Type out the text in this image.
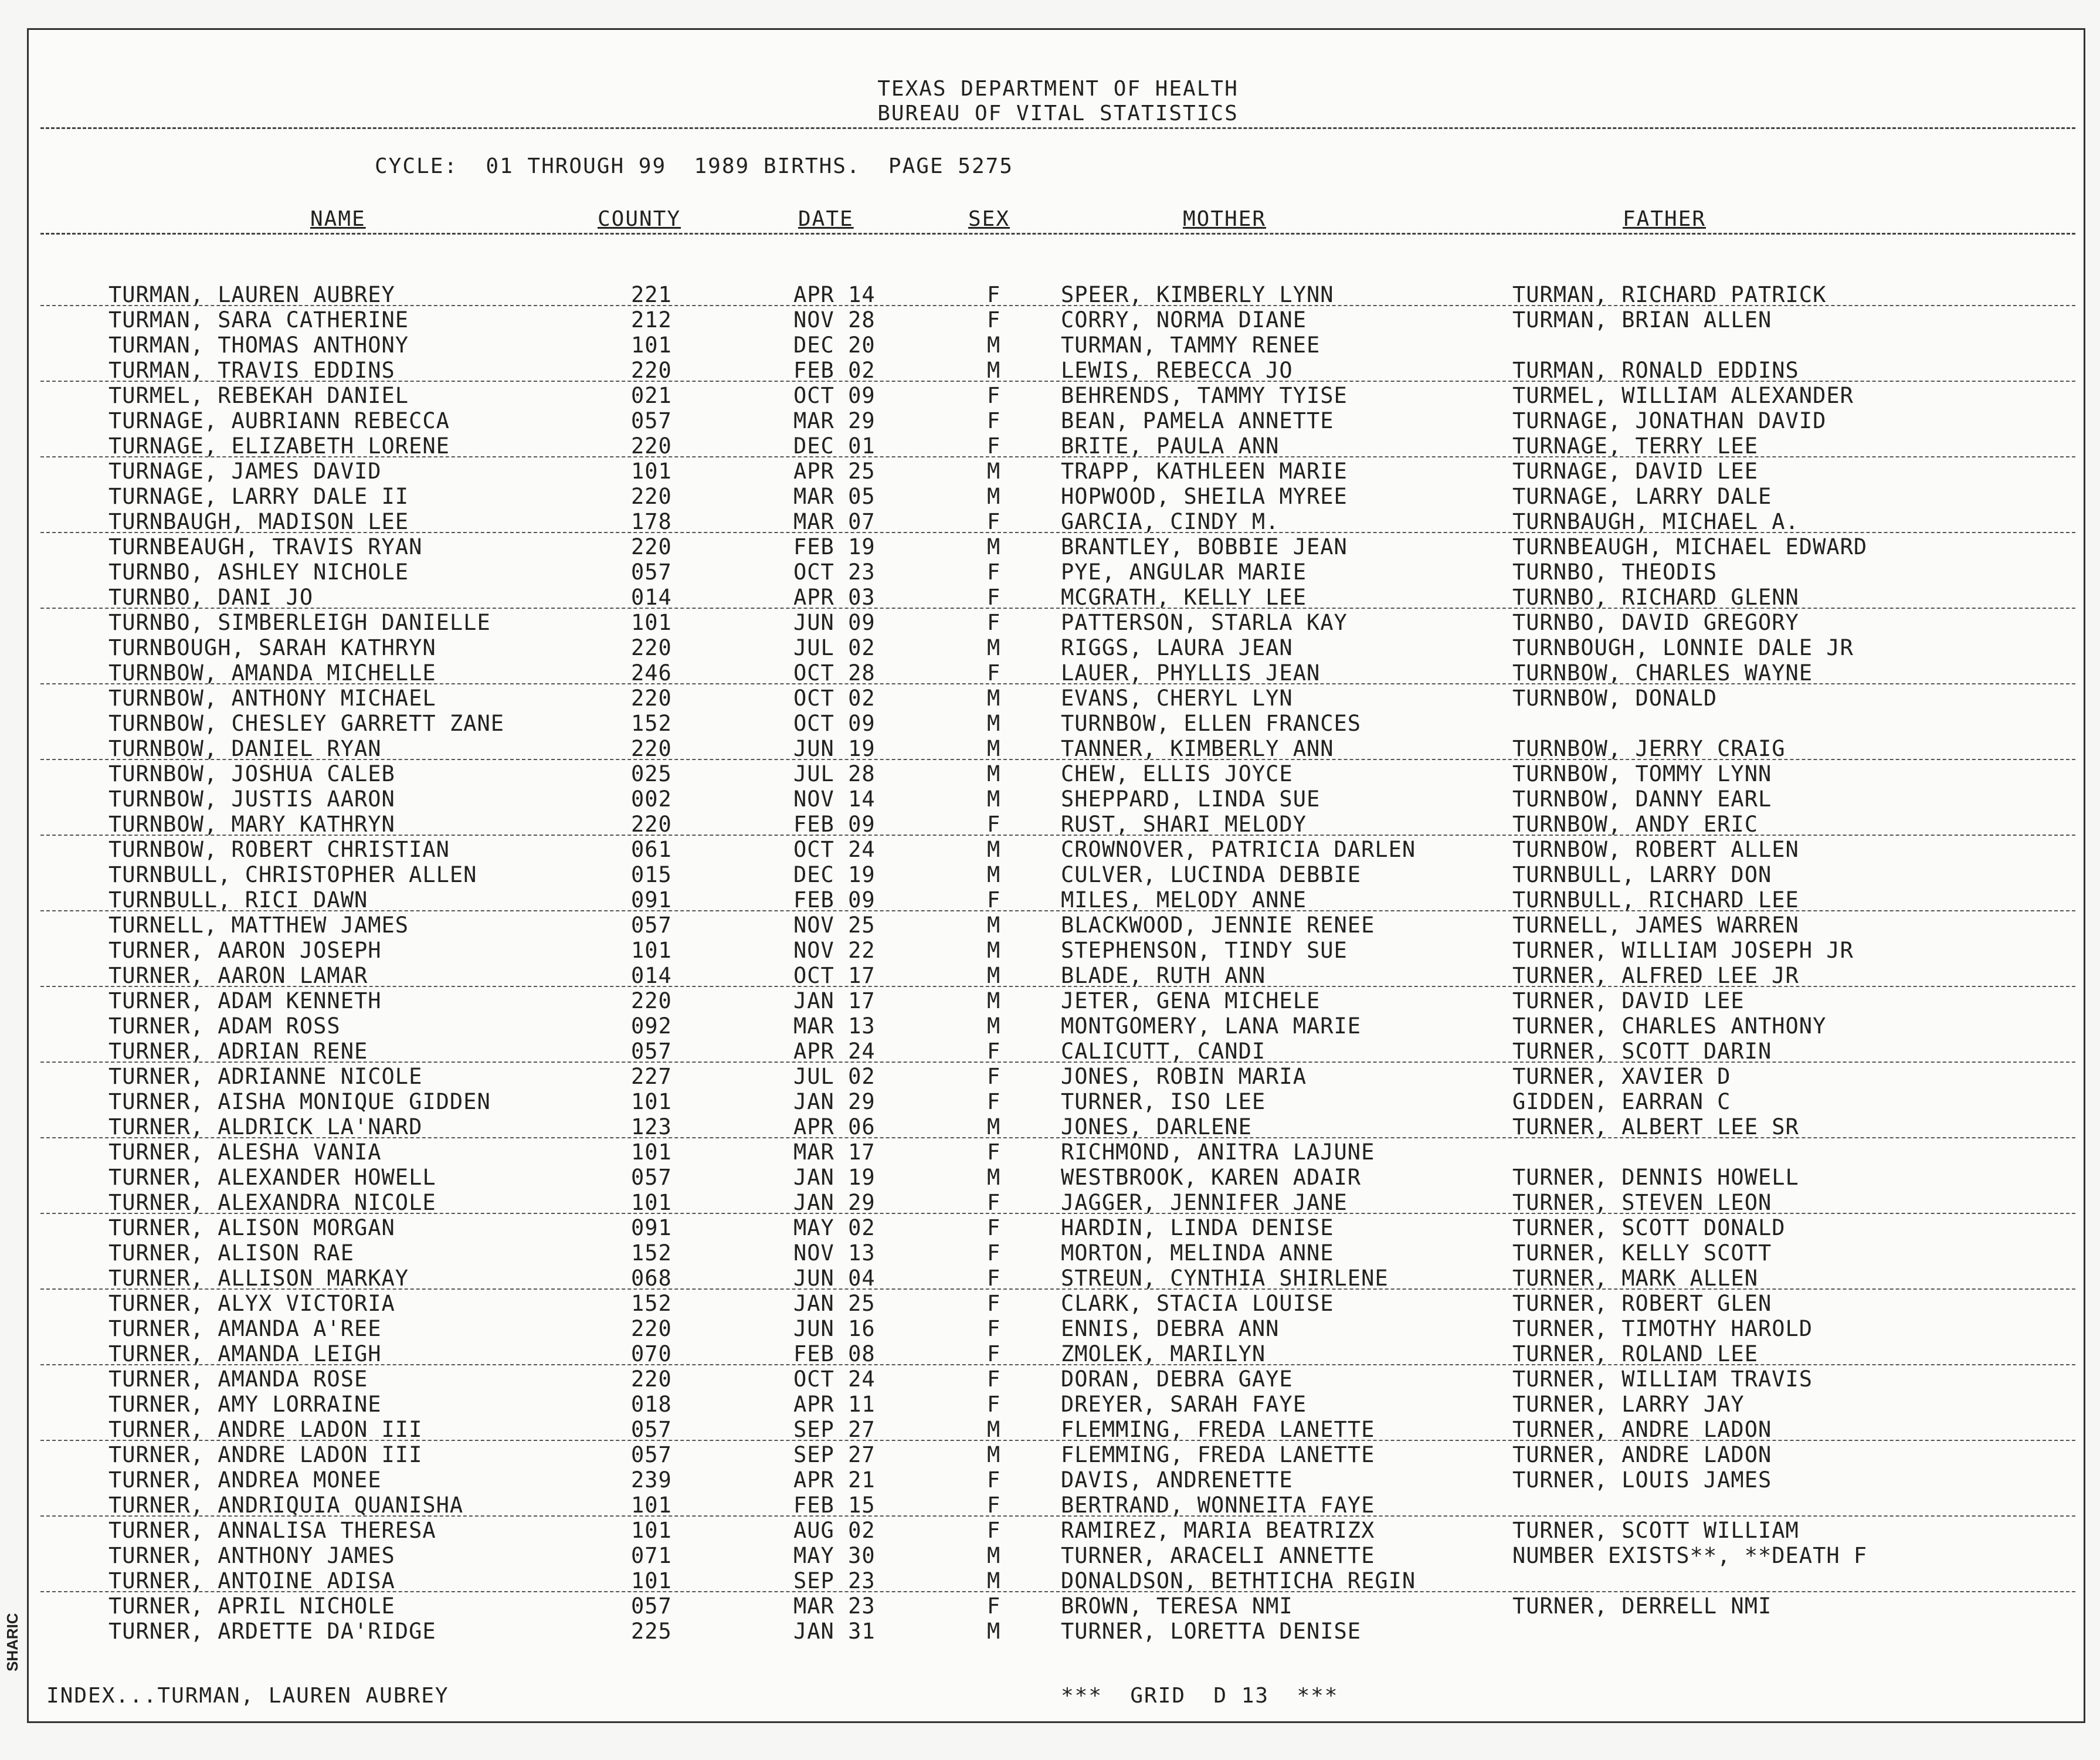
TEXAS DEPARTMENT OF HEALTH
BUREAU OF VITAL STATISTICS
CYCLE:  01 THROUGH 99  1989 BIRTHS.  PAGE 5275
NAME	COUNTY	DATE	SEX	MOTHER	FATHER
TURMAN, LAUREN AUBREY	221	APR 14	F	SPEER, KIMBERLY LYNN	TURMAN, RICHARD PATRICK
TURMAN, SARA CATHERINE	212	NOV 28	F	CORRY, NORMA DIANE	TURMAN, BRIAN ALLEN
TURMAN, THOMAS ANTHONY	101	DEC 20	M	TURMAN, TAMMY RENEE
TURMAN, TRAVIS EDDINS	220	FEB 02	M	LEWIS, REBECCA JO	TURMAN, RONALD EDDINS
TURMEL, REBEKAH DANIEL	021	OCT 09	F	BEHRENDS, TAMMY TYISE	TURMEL, WILLIAM ALEXANDER
TURNAGE, AUBRIANN REBECCA	057	MAR 29	F	BEAN, PAMELA ANNETTE	TURNAGE, JONATHAN DAVID
TURNAGE, ELIZABETH LORENE	220	DEC 01	F	BRITE, PAULA ANN	TURNAGE, TERRY LEE
TURNAGE, JAMES DAVID	101	APR 25	M	TRAPP, KATHLEEN MARIE	TURNAGE, DAVID LEE
TURNAGE, LARRY DALE II	220	MAR 05	M	HOPWOOD, SHEILA MYREE	TURNAGE, LARRY DALE
TURNBAUGH, MADISON LEE	178	MAR 07	F	GARCIA, CINDY M.	TURNBAUGH, MICHAEL A.
TURNBEAUGH, TRAVIS RYAN	220	FEB 19	M	BRANTLEY, BOBBIE JEAN	TURNBEAUGH, MICHAEL EDWARD
TURNBO, ASHLEY NICHOLE	057	OCT 23	F	PYE, ANGULAR MARIE	TURNBO, THEODIS
TURNBO, DANI JO	014	APR 03	F	MCGRATH, KELLY LEE	TURNBO, RICHARD GLENN
TURNBO, SIMBERLEIGH DANIELLE	101	JUN 09	F	PATTERSON, STARLA KAY	TURNBO, DAVID GREGORY
TURNBOUGH, SARAH KATHRYN	220	JUL 02	M	RIGGS, LAURA JEAN	TURNBOUGH, LONNIE DALE JR
TURNBOW, AMANDA MICHELLE	246	OCT 28	F	LAUER, PHYLLIS JEAN	TURNBOW, CHARLES WAYNE
TURNBOW, ANTHONY MICHAEL	220	OCT 02	M	EVANS, CHERYL LYN	TURNBOW, DONALD
TURNBOW, CHESLEY GARRETT ZANE	152	OCT 09	M	TURNBOW, ELLEN FRANCES
TURNBOW, DANIEL RYAN	220	JUN 19	M	TANNER, KIMBERLY ANN	TURNBOW, JERRY CRAIG
TURNBOW, JOSHUA CALEB	025	JUL 28	M	CHEW, ELLIS JOYCE	TURNBOW, TOMMY LYNN
TURNBOW, JUSTIS AARON	002	NOV 14	M	SHEPPARD, LINDA SUE	TURNBOW, DANNY EARL
TURNBOW, MARY KATHRYN	220	FEB 09	F	RUST, SHARI MELODY	TURNBOW, ANDY ERIC
TURNBOW, ROBERT CHRISTIAN	061	OCT 24	M	CROWNOVER, PATRICIA DARLEN	TURNBOW, ROBERT ALLEN
TURNBULL, CHRISTOPHER ALLEN	015	DEC 19	M	CULVER, LUCINDA DEBBIE	TURNBULL, LARRY DON
TURNBULL, RICI DAWN	091	FEB 09	F	MILES, MELODY ANNE	TURNBULL, RICHARD LEE
TURNELL, MATTHEW JAMES	057	NOV 25	M	BLACKWOOD, JENNIE RENEE	TURNELL, JAMES WARREN
TURNER, AARON JOSEPH	101	NOV 22	M	STEPHENSON, TINDY SUE	TURNER, WILLIAM JOSEPH JR
TURNER, AARON LAMAR	014	OCT 17	M	BLADE, RUTH ANN	TURNER, ALFRED LEE JR
TURNER, ADAM KENNETH	220	JAN 17	M	JETER, GENA MICHELE	TURNER, DAVID LEE
TURNER, ADAM ROSS	092	MAR 13	M	MONTGOMERY, LANA MARIE	TURNER, CHARLES ANTHONY
TURNER, ADRIAN RENE	057	APR 24	F	CALICUTT, CANDI	TURNER, SCOTT DARIN
TURNER, ADRIANNE NICOLE	227	JUL 02	F	JONES, ROBIN MARIA	TURNER, XAVIER D
TURNER, AISHA MONIQUE GIDDEN	101	JAN 29	F	TURNER, ISO LEE	GIDDEN, EARRAN C
TURNER, ALDRICK LA'NARD	123	APR 06	M	JONES, DARLENE	TURNER, ALBERT LEE SR
TURNER, ALESHA VANIA	101	MAR 17	F	RICHMOND, ANITRA LAJUNE
TURNER, ALEXANDER HOWELL	057	JAN 19	M	WESTBROOK, KAREN ADAIR	TURNER, DENNIS HOWELL
TURNER, ALEXANDRA NICOLE	101	JAN 29	F	JAGGER, JENNIFER JANE	TURNER, STEVEN LEON
TURNER, ALISON MORGAN	091	MAY 02	F	HARDIN, LINDA DENISE	TURNER, SCOTT DONALD
TURNER, ALISON RAE	152	NOV 13	F	MORTON, MELINDA ANNE	TURNER, KELLY SCOTT
TURNER, ALLISON MARKAY	068	JUN 04	F	STREUN, CYNTHIA SHIRLENE	TURNER, MARK ALLEN
TURNER, ALYX VICTORIA	152	JAN 25	F	CLARK, STACIA LOUISE	TURNER, ROBERT GLEN
TURNER, AMANDA A'REE	220	JUN 16	F	ENNIS, DEBRA ANN	TURNER, TIMOTHY HAROLD
TURNER, AMANDA LEIGH	070	FEB 08	F	ZMOLEK, MARILYN	TURNER, ROLAND LEE
TURNER, AMANDA ROSE	220	OCT 24	F	DORAN, DEBRA GAYE	TURNER, WILLIAM TRAVIS
TURNER, AMY LORRAINE	018	APR 11	F	DREYER, SARAH FAYE	TURNER, LARRY JAY
TURNER, ANDRE LADON III	057	SEP 27	M	FLEMMING, FREDA LANETTE	TURNER, ANDRE LADON
TURNER, ANDRE LADON III	057	SEP 27	M	FLEMMING, FREDA LANETTE	TURNER, ANDRE LADON
TURNER, ANDREA MONEE	239	APR 21	F	DAVIS, ANDRENETTE	TURNER, LOUIS JAMES
TURNER, ANDRIQUIA QUANISHA	101	FEB 15	F	BERTRAND, WONNEITA FAYE
TURNER, ANNALISA THERESA	101	AUG 02	F	RAMIREZ, MARIA BEATRIZX	TURNER, SCOTT WILLIAM
TURNER, ANTHONY JAMES	071	MAY 30	M	TURNER, ARACELI ANNETTE	NUMBER EXISTS**, **DEATH F
TURNER, ANTOINE ADISA	101	SEP 23	M	DONALDSON, BETHTICHA REGIN
TURNER, APRIL NICHOLE	057	MAR 23	F	BROWN, TERESA NMI	TURNER, DERRELL NMI
TURNER, ARDETTE DA'RIDGE	225	JAN 31	M	TURNER, LORETTA DENISE
INDEX...TURMAN, LAUREN AUBREY	***  GRID  D 13  ***
SHARIC
